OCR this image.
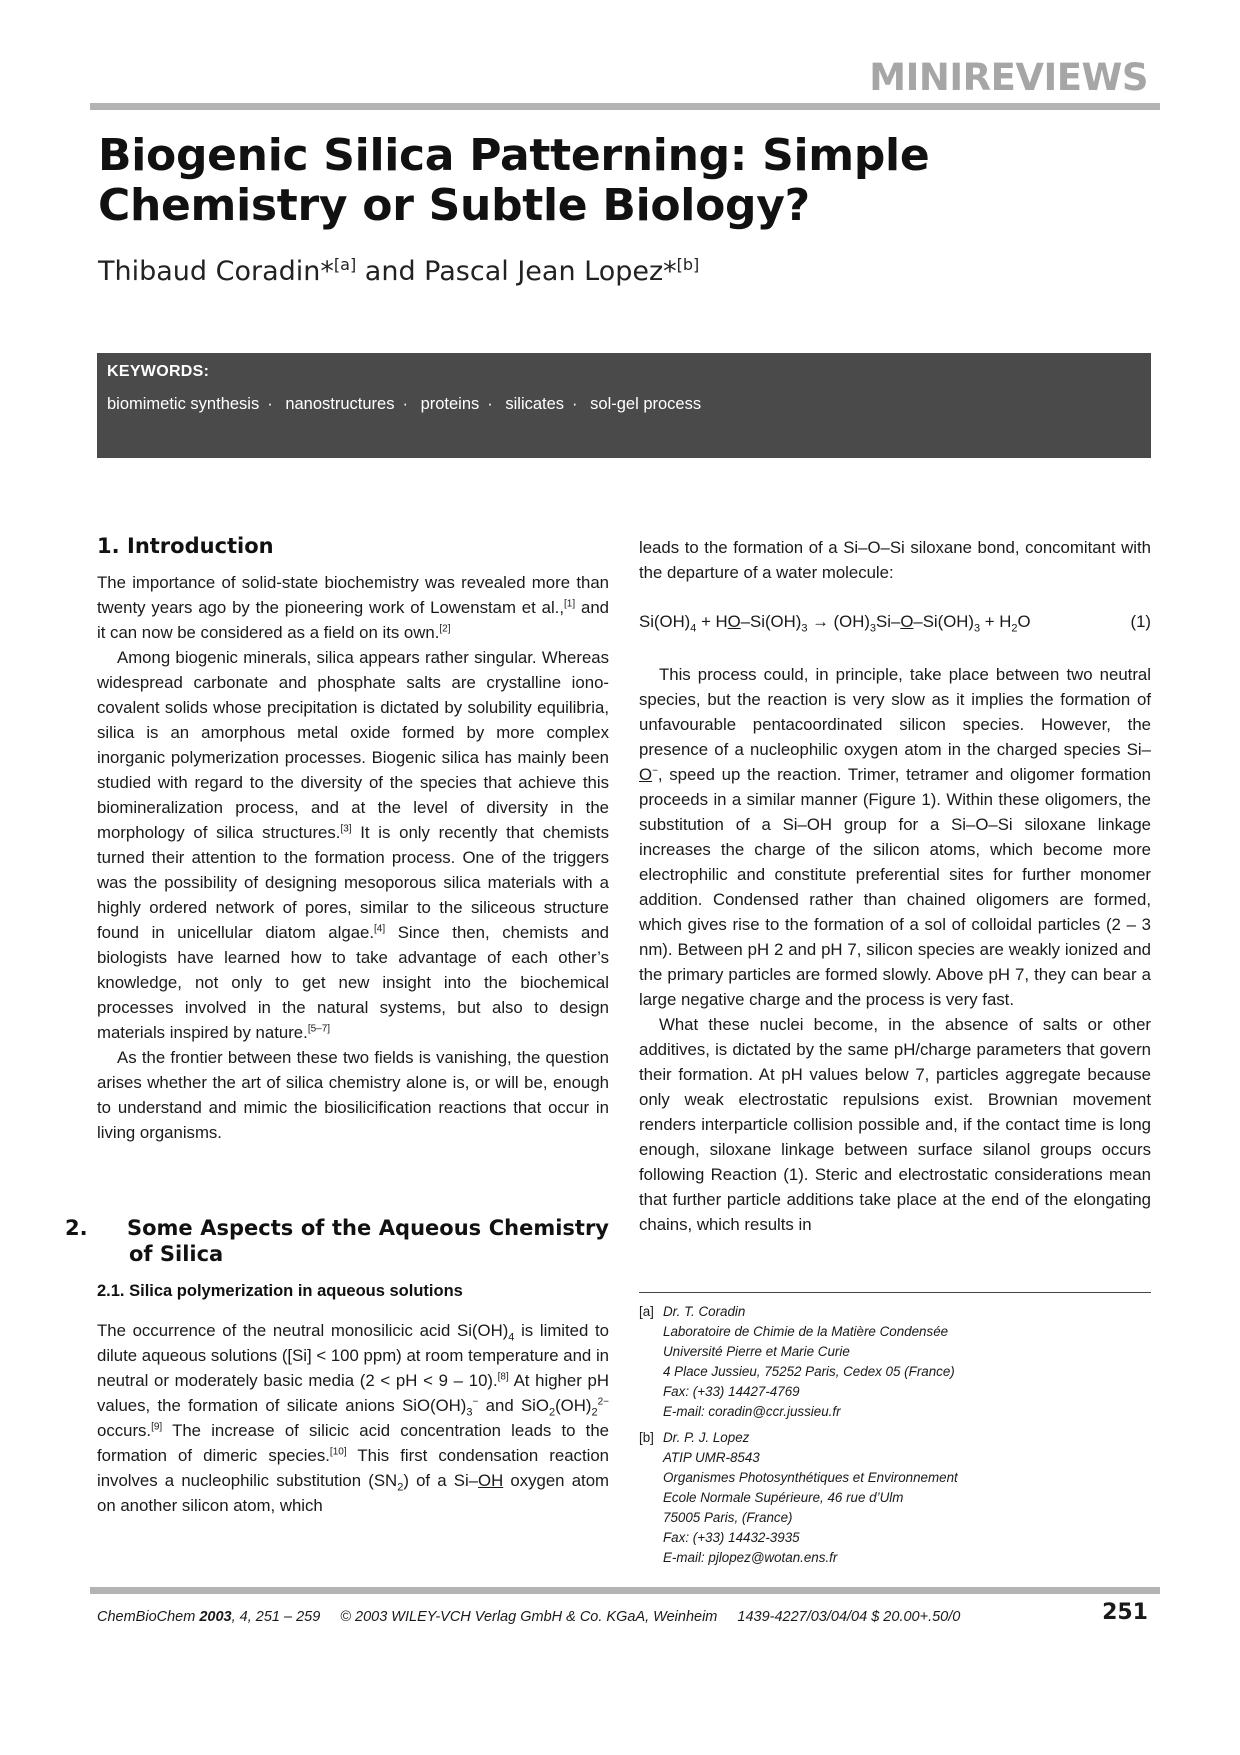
MINIREVIEWS
Biogenic Silica Patterning: Simple Chemistry or Subtle Biology?

Thibaud Coradin*[a] and Pascal Jean Lopez*[b]

KEYWORDS:
biomimetic synthesis · nanostructures · proteins · silicates · sol-gel process
1. Introduction

The importance of solid-state biochemistry was revealed more than twenty years ago by the pioneering work of Lowenstam et al.,[1] and it can now be considered as a field on its own.[2]

Among biogenic minerals, silica appears rather singular. Whereas widespread carbonate and phosphate salts are crystalline iono-covalent solids whose precipitation is dictated by solubility equilibria, silica is an amorphous metal oxide formed by more complex inorganic polymerization processes. Biogenic silica has mainly been studied with regard to the diversity of the species that achieve this biomineralization process, and at the level of diversity in the morphology of silica structures.[3] It is only recently that chemists turned their attention to the formation process. One of the triggers was the possibility of designing mesoporous silica materials with a highly ordered network of pores, similar to the siliceous structure found in unicellular diatom algae.[4] Since then, chemists and biologists have learned how to take advantage of each other’s knowledge, not only to get new insight into the biochemical processes involved in the natural systems, but also to design materials inspired by nature.[5–7]

As the frontier between these two fields is vanishing, the question arises whether the art of silica chemistry alone is, or will be, enough to understand and mimic the biosilicification reactions that occur in living organisms.

2. Some Aspects of the Aqueous Chemistry of Silica
2.1. Silica polymerization in aqueous solutions

The occurrence of the neutral monosilicic acid $Si(OH)_4$ is limited to dilute aqueous solutions ([Si] < 100 ppm) at room temperature and in neutral or moderately basic media (2 < pH < 9 – 10).[8] At higher pH values, the formation of silicate anions $SiO(OH)_3^-$ and $SiO_2(OH)_2^{2-}$ occurs.[9] The increase of silicic acid concentration leads to the formation of dimeric species.[10] This first condensation reaction involves a nucleophilic substitution $(SN_2)$ of a Si–OH oxygen atom on another silicon atom, which

leads to the formation of a Si–O–Si siloxane bond, concomitant with the departure of a water molecule:

$Si(OH)_4 + HO-Si(OH)_3 \to (OH)_3Si-O-Si(OH)_3 + H_2O$	(1)

This process could, in principle, take place between two neutral species, but the reaction is very slow as it implies the formation of unfavourable pentacoordinated silicon species. However, the presence of a nucleophilic oxygen atom in the charged species Si–O−, speed up the reaction. Trimer, tetramer and oligomer formation proceeds in a similar manner (Figure 1). Within these oligomers, the substitution of a Si–OH group for a Si–O–Si siloxane linkage increases the charge of the silicon atoms, which become more electrophilic and constitute preferential sites for further monomer addition. Condensed rather than chained oligomers are formed, which gives rise to the formation of a sol of colloidal particles (2 – 3 nm). Between pH 2 and pH 7, silicon species are weakly ionized and the primary particles are formed slowly. Above pH 7, they can bear a large negative charge and the process is very fast.

What these nuclei become, in the absence of salts or other additives, is dictated by the same pH/charge parameters that govern their formation. At pH values below 7, particles aggregate because only weak electrostatic repulsions exist. Brownian movement renders interparticle collision possible and, if the contact time is long enough, siloxane linkage between surface silanol groups occurs following Reaction (1). Steric and electrostatic considerations mean that further particle additions take place at the end of the elongating chains, which results in

[a] Dr. T. Coradin
Laboratoire de Chimie de la Matière Condensée
Université Pierre et Marie Curie
4 Place Jussieu, 75252 Paris, Cedex 05 (France)
Fax: (+33) 14427-4769
E-mail: coradin@ccr.jussieu.fr
[b] Dr. P. J. Lopez
ATIP UMR-8543
Organismes Photosynthétiques et Environnement
Ecole Normale Supérieure, 46 rue d’Ulm
75005 Paris, (France)
Fax: (+33) 14432-3935
E-mail: pjlopez@wotan.ens.fr

ChemBioChem 2003, 4, 251 – 259 © 2003 WILEY-VCH Verlag GmbH & Co. KGaA, Weinheim 1439-4227/03/04/04 $ 20.00+.50/0	251
